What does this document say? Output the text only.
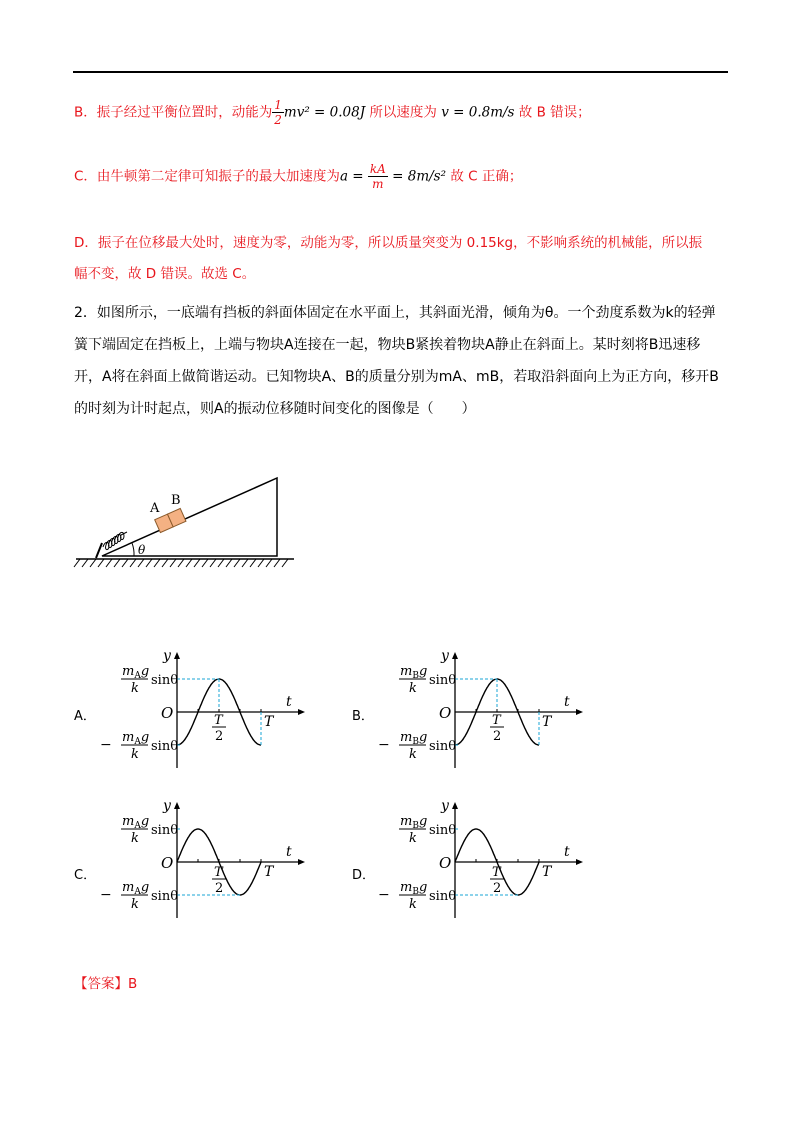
B．振子经过平衡位置时，动能为 $\frac{1}{2} mv^2 = 0.08J$ 所以速度为 v = 0.8m/s 故 B 错误；
C．由牛顿第二定律可知振子的最大加速度为$a = \frac{kA}{m} = 8m/s^2$ 故 C 正确；
D．振子在位移最大处时，速度为零，动能为零，所以质量突变为 0.15kg，不影响系统的机械能，所以振
幅不变，故 D 错误。故选 C。
2．如图所示，一底端有挡板的斜面体固定在水平面上，其斜面光滑，倾角为θ。一个劲度系数为k的轻弹
簧下端固定在挡板上，上端与物块A连接在一起，物块B紧挨着物块A静止在斜面上。某时刻将B迅速移
开，A将在斜面上做简谐运动。已知物块A、B的质量分别为mA、mB，若取沿斜面向上为正方向，移开B
的时刻为计时起点，则A的振动位移随时间变化的图像是（　　）
A
B
θ
A．	B．
C．	D．
y
t
O	T
2
T
$m_Ag$
k
sinθ
− $m_Ag$
k
sinθ
y
t
O	T
2
T
$m_Bg$
k
sinθ
− $m_Bg$
k
sinθ
y
t
O
T
2
T
$m_Ag$
k
sinθ
− $m_Ag$
k
sinθ
y
t
O
T
2
T
$m_Bg$
k
sinθ
− $m_Bg$
k
sinθ
【答案】B
